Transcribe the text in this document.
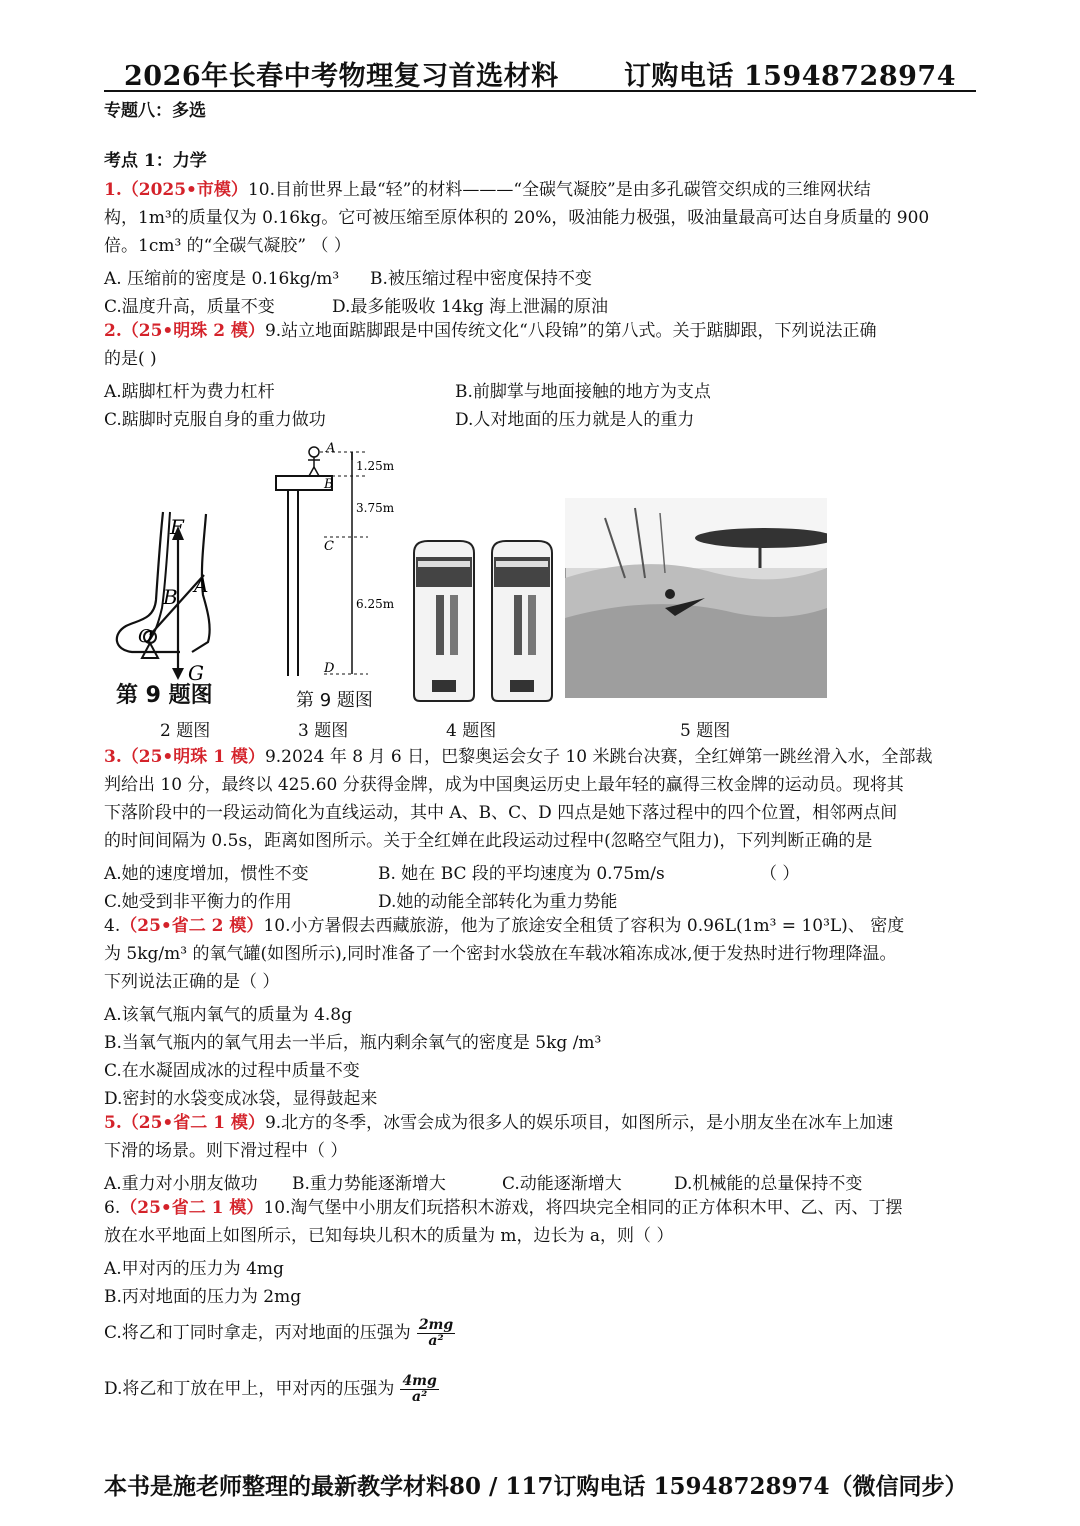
2026年长春中考物理复习首选材料 订购电话 15948728974
专题八：多选
考点 1：力学
1.（2025•市模）10.目前世界上最“轻”的材料———“全碳气凝胶”是由多孔碳管交织成的三维网状结
构，1m³的质量仅为 0.16kg。它可被压缩至原体积的 20%，吸油能力极强，吸油量最高可达自身质量的 900
倍。1cm³ 的“全碳气凝胶” （ ）
A. 压缩前的密度是 0.16kg/m³ B.被压缩过程中密度保持不变
C.温度升高，质量不变	D.最多能吸收 14kg 海上泄漏的原油
2.（25•明珠 2 模）9.站立地面踮脚跟是中国传统文化“八段锦”的第八式。关于踮脚跟，下列说法正确
的是( )
A.踮脚杠杆为费力杠杆	B.前脚掌与地面接触的地方为支点
C.踮脚时克服自身的重力做功	D.人对地面的压力就是人的重力
F
B A
O
G
第 9 题图
A
B
C
D
1.25m
3.75m
6.25m
第 9 题图
2 题图	3 题图	4 题图	5 题图
3.（25•明珠 1 模）9.2024 年 8 月 6 日，巴黎奥运会女子 10 米跳台决赛，全红婵第一跳丝滑入水，全部裁
判给出 10 分，最终以 425.60 分获得金牌，成为中国奥运历史上最年轻的赢得三枚金牌的运动员。现将其
下落阶段中的一段运动简化为直线运动，其中 A、B、C、D 四点是她下落过程中的四个位置，相邻两点间
的时间间隔为 0.5s，距离如图所示。关于全红婵在此段运动过程中(忽略空气阻力)，下列判断正确的是
A.她的速度增加，惯性不变	B. 她在 BC 段的平均速度为 0.75m/s	（ ）
C.她受到非平衡力的作用	D.她的动能全部转化为重力势能
4.（25•省二 2 模）10.小方暑假去西藏旅游，他为了旅途安全租赁了容积为 0.96L(1m³ = 10³L)、 密度
为 5kg/m³ 的氧气罐(如图所示),同时准备了一个密封水袋放在车载冰箱冻成冰,便于发热时进行物理降温。
下列说法正确的是（ ）
A.该氧气瓶内氧气的质量为 4.8g
B.当氧气瓶内的氧气用去一半后，瓶内剩余氧气的密度是 5kg /m³
C.在水凝固成冰的过程中质量不变
D.密封的水袋变成冰袋，显得鼓起来
5.（25•省二 1 模）9.北方的冬季，冰雪会成为很多人的娱乐项目，如图所示，是小朋友坐在冰车上加速
下滑的场景。则下滑过程中（ ）
A.重力对小朋友做功 B.重力势能逐渐增大	C.动能逐渐增大	D.机械能的总量保持不变
6.（25•省二 1 模）10.淘气堡中小朋友们玩搭积木游戏，将四块完全相同的正方体积木甲、乙、丙、丁摆
放在水平地面上如图所示，已知每块儿积木的质量为 m，边长为 a，则（ ）
A.甲对丙的压力为 4mg
B.丙对地面的压力为 2mg
C.将乙和丁同时拿走，丙对地面的压强为 $\frac{2mg}{\text{a²}}$
D.将乙和丁放在甲上，甲对丙的压强为 $\frac{4mg}{\text{a²}}$
本书是施老师整理的最新教学材料80 / 117订购电话 15948728974（微信同步）
